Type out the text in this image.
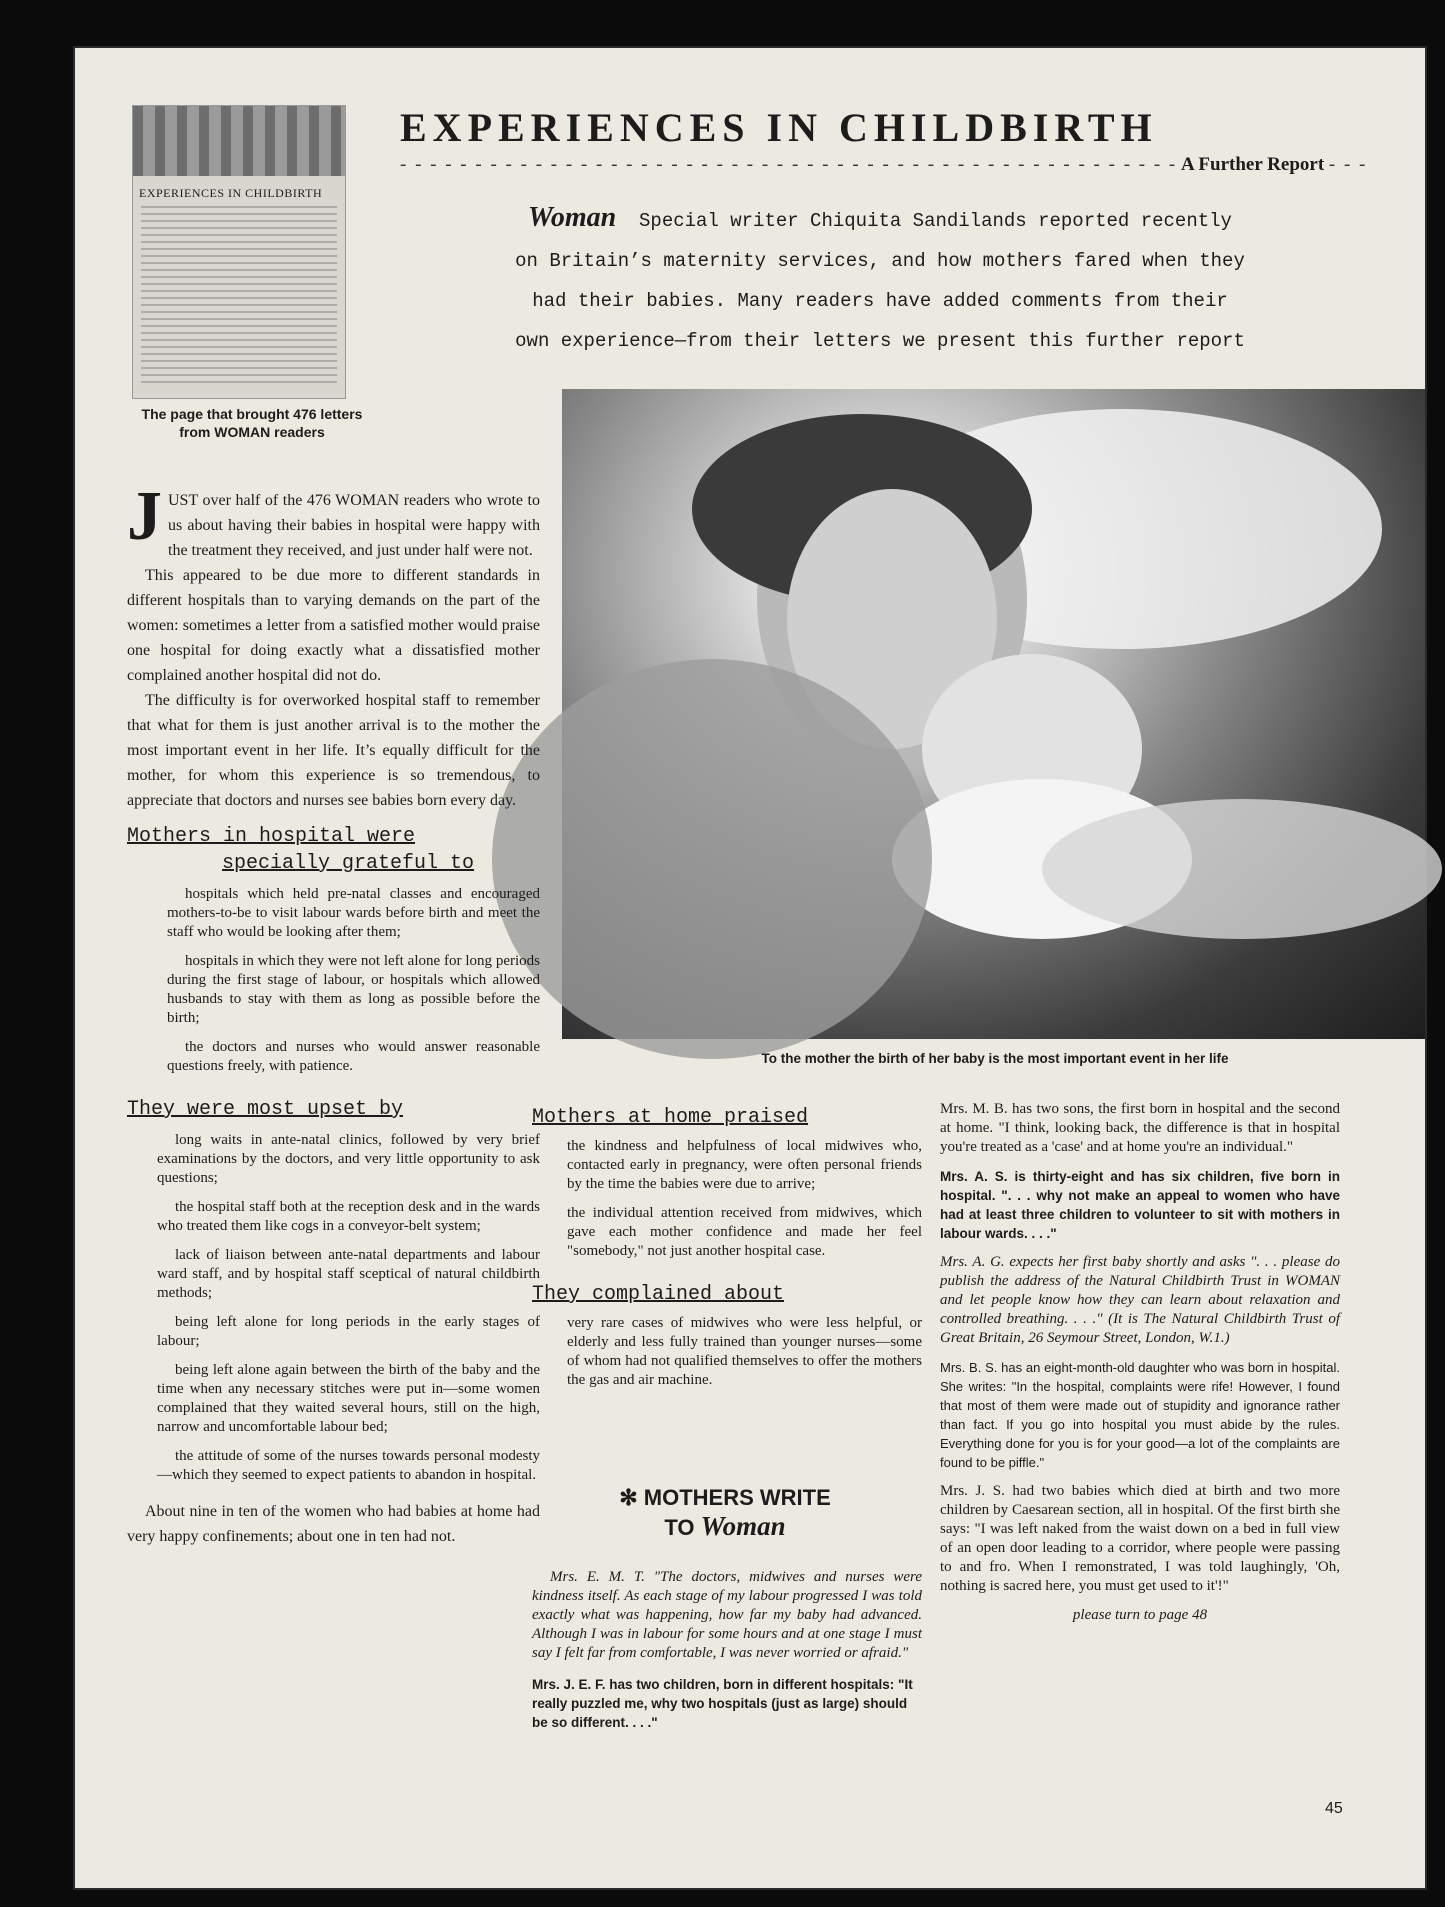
EXPERIENCES IN CHILDBIRTH
The page that brought 476 letters from WOMAN readers
EXPERIENCES IN CHILDBIRTH
- - - - - - - - - - - - - - - - - - - - - - - - - - - - - - - - - - - - - - - - - - - - - - - - - - - - A Further Report - - -
Woman Special writer Chiquita Sandilands reported recently
on Britain’s maternity services, and how mothers fared when they
had their babies. Many readers have added comments from their
own experience—from their letters we present this further report
To the mother the birth of her baby is the most important event in her life

JUST over half of the 476 WOMAN readers who wrote to us about having their babies in hospital were happy with the treatment they received, and just under half were not.

This appeared to be due more to different standards in different hospitals than to varying demands on the part of the women: sometimes a letter from a satisfied mother would praise one hospital for doing exactly what a dissatisfied mother complained another hospital did not do.

The difficulty is for overworked hospital staff to remember that what for them is just another arrival is to the mother the most important event in her life. It’s equally difficult for the mother, for whom this experience is so tremendous, to appreciate that doctors and nurses see babies born every day.

Mothers in hospital were

specially grateful to

hospitals which held pre-natal classes and encouraged mothers-to-be to visit labour wards before birth and meet the staff who would be looking after them;

hospitals in which they were not left alone for long periods during the first stage of labour, or hospitals which allowed husbands to stay with them as long as possible before the birth;

the doctors and nurses who would answer reasonable questions freely, with patience.

They were most upset by

long waits in ante-natal clinics, followed by very brief examinations by the doctors, and very little opportunity to ask questions;

the hospital staff both at the reception desk and in the wards who treated them like cogs in a conveyor-belt system;

lack of liaison between ante-natal departments and labour ward staff, and by hospital staff sceptical of natural childbirth methods;

being left alone for long periods in the early stages of labour;

being left alone again between the birth of the baby and the time when any necessary stitches were put in—some women complained that they waited several hours, still on the high, narrow and uncomfortable labour bed;

the attitude of some of the nurses towards personal modesty—which they seemed to expect patients to abandon in hospital.

About nine in ten of the women who had babies at home had very happy confinements; about one in ten had not.

Mothers at home praised

the kindness and helpfulness of local midwives who, contacted early in pregnancy, were often personal friends by the time the babies were due to arrive;

the individual attention received from midwives, which gave each mother confidence and made her feel "somebody," not just another hospital case.

They complained about

very rare cases of midwives who were less helpful, or elderly and less fully trained than younger nurses—some of whom had not qualified themselves to offer the mothers the gas and air machine.

✻ MOTHERS WRITE
TO Woman

Mrs. E. M. T. "The doctors, midwives and nurses were kindness itself. As each stage of my labour progressed I was told exactly what was happening, how far my baby had advanced. Although I was in labour for some hours and at one stage I must say I felt far from comfortable, I was never worried or afraid."

Mrs. J. E. F. has two children, born in different hospitals: "It really puzzled me, why two hospitals (just as large) should be so different. . . ."

Mrs. M. B. has two sons, the first born in hospital and the second at home. "I think, looking back, the difference is that in hospital you're treated as a 'case' and at home you're an individual."

Mrs. A. S. is thirty-eight and has six children, five born in hospital. ". . . why not make an appeal to women who have had at least three children to volunteer to sit with mothers in labour wards. . . ."

Mrs. A. G. expects her first baby shortly and asks ". . . please do publish the address of the Natural Childbirth Trust in WOMAN and let people know how they can learn about relaxation and controlled breathing. . . ." (It is The Natural Childbirth Trust of Great Britain, 26 Seymour Street, London, W.1.)

Mrs. B. S. has an eight-month-old daughter who was born in hospital. She writes: "In the hospital, complaints were rife! However, I found that most of them were made out of stupidity and ignorance rather than fact. If you go into hospital you must abide by the rules. Everything done for you is for your good—a lot of the complaints are found to be piffle."

Mrs. J. S. had two babies which died at birth and two more children by Caesarean section, all in hospital. Of the first birth she says: "I was left naked from the waist down on a bed in full view of an open door leading to a corridor, where people were passing to and fro. When I remonstrated, I was told laughingly, 'Oh, nothing is sacred here, you must get used to it'!"

please turn to page 48

45
